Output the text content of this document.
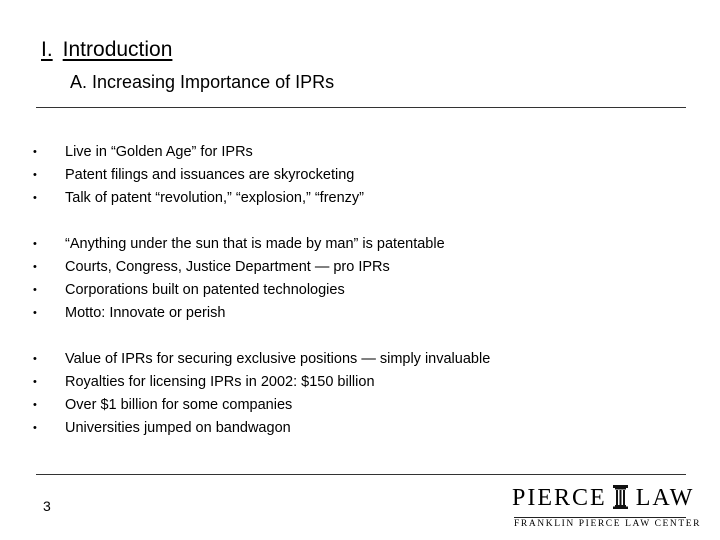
I. Introduction
A. Increasing Importance of IPRs
•	Live in “Golden Age” for IPRs
•	Patent filings and issuances are skyrocketing
•	Talk of patent “revolution,” “explosion,” “frenzy”
•	“Anything under the sun that is made by man” is patentable
•	Courts, Congress, Justice Department — pro IPRs
•	Corporations built on patented technologies
•	Motto: Innovate or perish
•	Value of IPRs for securing exclusive positions — simply invaluable
•	Royalties for licensing IPRs in 2002: $150 billion
•	Over $1 billion for some companies
•	Universities jumped on bandwagon
3	PIERCE LAW
FRANKLIN PIERCE LAW CENTER
